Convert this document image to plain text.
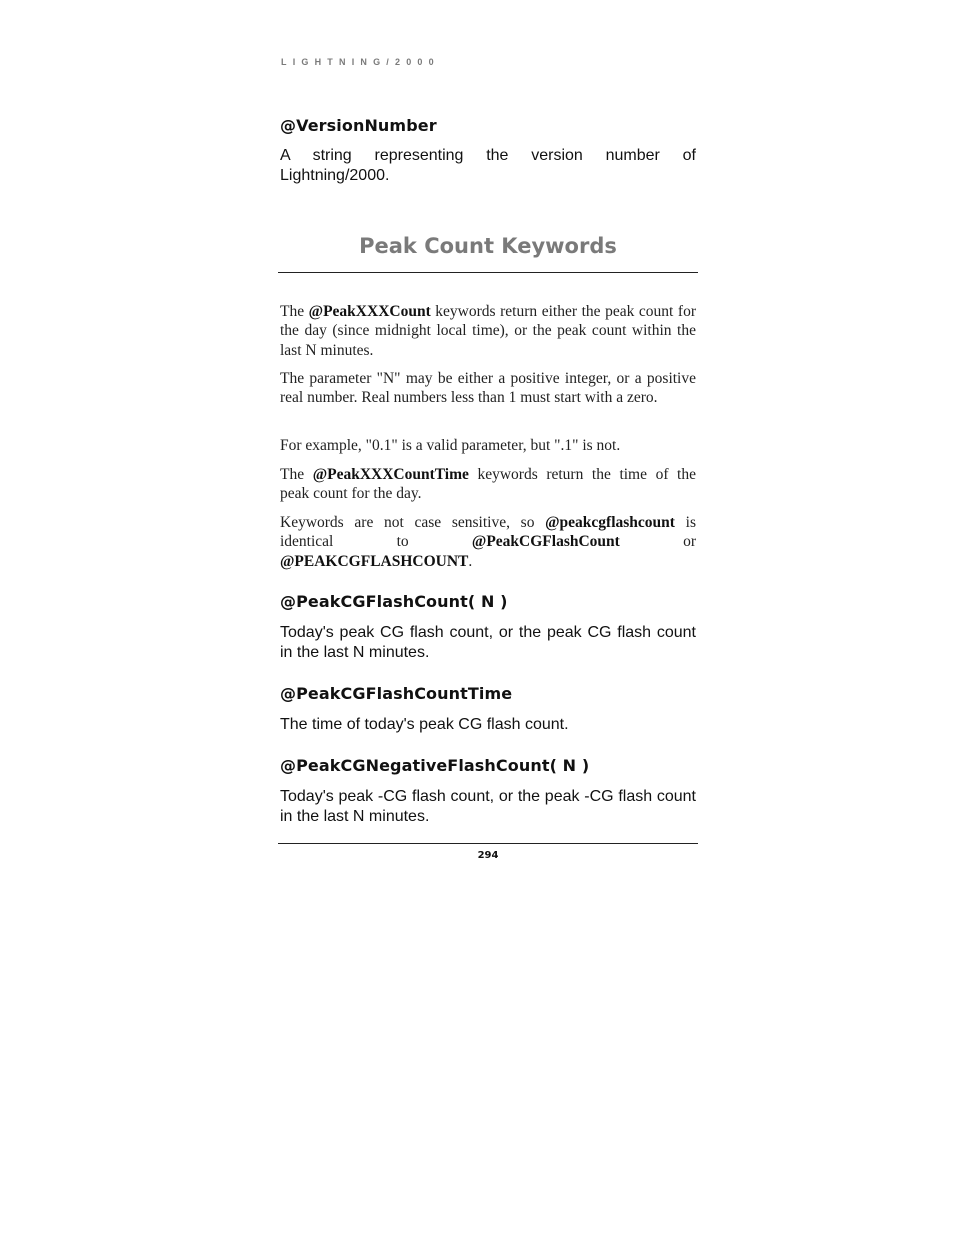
LIGHTNING/2000
@VersionNumber
A string representing the version number of Lightning/2000.
Peak Count Keywords
The @PeakXXXCount keywords return either the peak count for the day (since midnight local time), or the peak count within the last N minutes.
The parameter "N" may be either a positive integer, or a positive real number. Real numbers less than 1 must start with a zero.
For example, "0.1" is a valid parameter, but ".1" is not.
The @PeakXXXCountTime keywords return the time of the peak count for the day.
Keywords are not case sensitive, so @peakcgflashcount is identical to @PeakCGFlashCount or @PEAKCGFLASHCOUNT.
@PeakCGFlashCount( N )
Today's peak CG flash count, or the peak CG flash count in the last N minutes.
@PeakCGFlashCountTime
The time of today's peak CG flash count.
@PeakCGNegativeFlashCount( N )
Today's peak -CG flash count, or the peak -CG flash count in the last N minutes.
294
